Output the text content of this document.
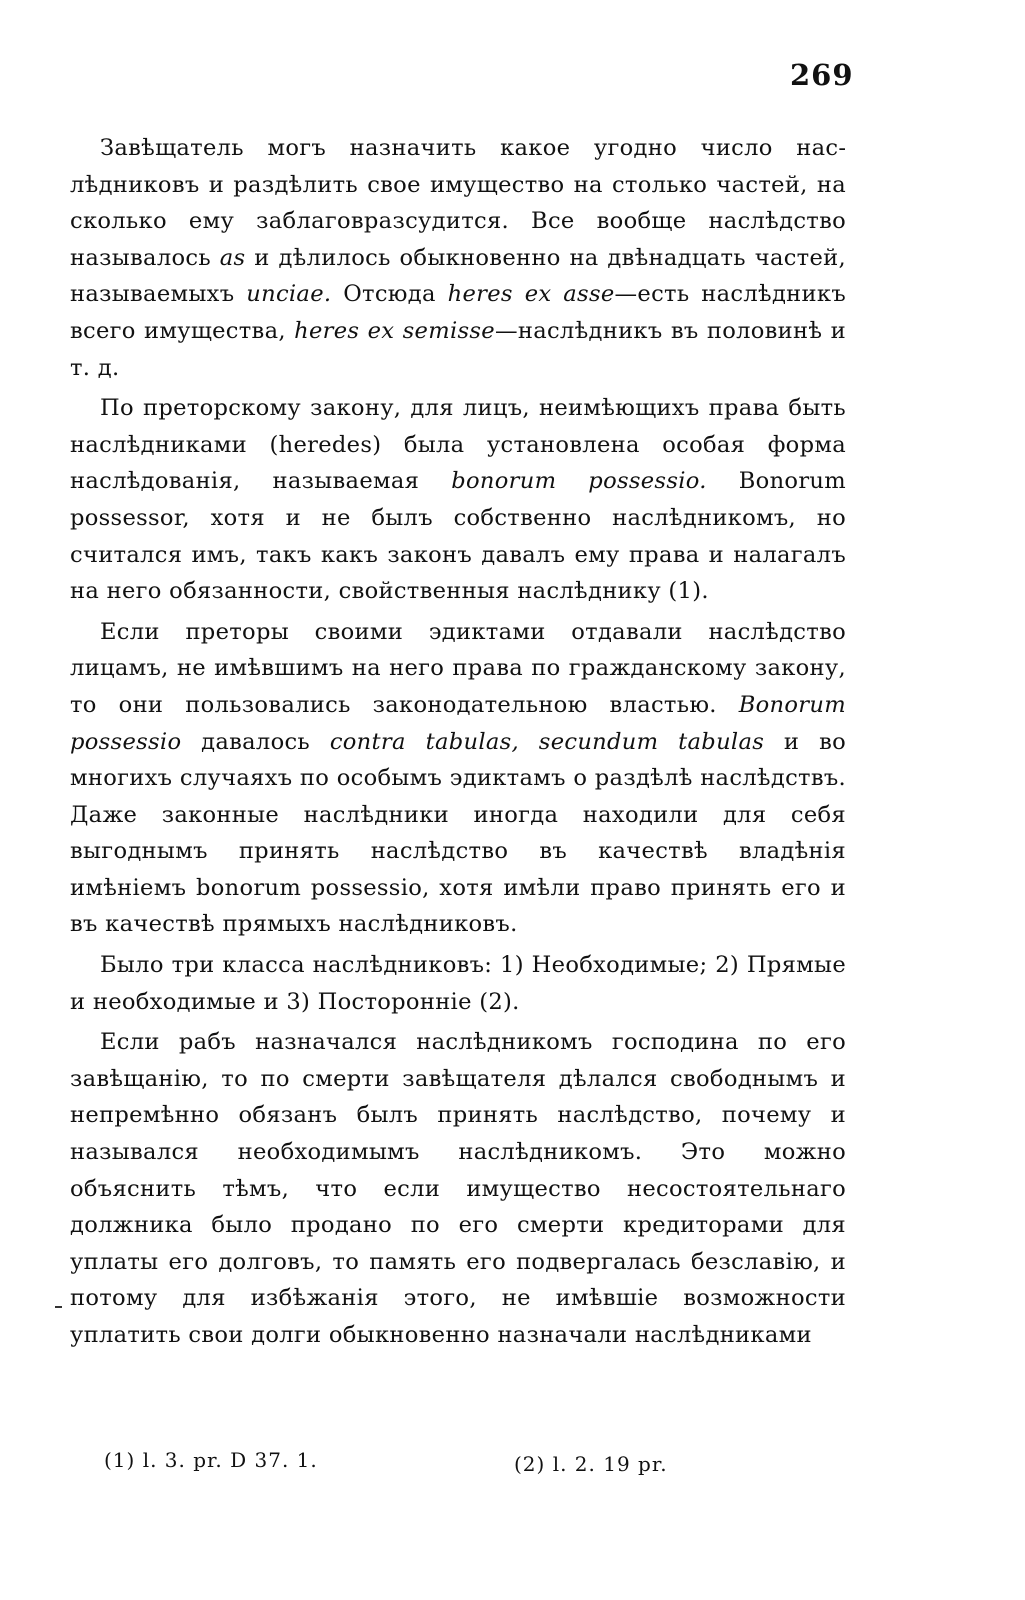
269

Завѣщатель могъ назначить какое угодно число наслѣдниковъ и раздѣлить свое имущество на столько частей, на сколько ему заблаговразсудится. Все вообще наслѣдство называлось as и дѣлилось обыкновенно на двѣнадцать частей, называемыхъ unciae. Отсюда heres ex asse—есть наслѣдникъ всего имущества, heres ex semisse—наслѣдникъ въ половинѣ и т. д.

По преторскому закону, для лицъ, неимѣющихъ права быть наслѣдниками (heredes) была установлена особая форма наслѣдованія, называемая bonorum possessio. Bonorum possessor, хотя и не былъ собственно наслѣдникомъ, но считался имъ, такъ какъ законъ давалъ ему права и налагалъ на него обязанности, свойственныя наслѣднику (1).

Если преторы своими эдиктами отдавали наслѣдство лицамъ, не имѣвшимъ на него права по гражданскому закону, то они пользовались законодательною властью. Bonorum possessio давалось contra tabulas, secundum tabulas и во многихъ случаяхъ по особымъ эдиктамъ о раздѣлѣ наслѣдствъ. Даже законные наслѣдники иногда находили для себя выгоднымъ принять наслѣдство въ качествѣ владѣнія имѣніемъ bonorum possessio, хотя имѣли право принять его и въ качествѣ прямыхъ наслѣдниковъ.

Было три класса наслѣдниковъ: 1) Необходимые; 2) Прямые и необходимые и 3) Посторонніе (2).

Если рабъ назначался наслѣдникомъ господина по его завѣщанію, то по смерти завѣщателя дѣлался свободнымъ и непремѣнно обязанъ былъ принять наслѣдство, почему и назывался необходимымъ наслѣдникомъ. Это можно объяснить тѣмъ, что если имущество несостоятельнаго должника было продано по его смерти кредиторами для уплаты его долговъ, то память его подвергалась безславію, и потому для избѣжанія этого, не имѣвшіе возможности уплатить свои долги обыкновенно назначали наслѣдниками

(1) l. 3. pr. D 37. 1.	(2) l. 2. 19 pr.
